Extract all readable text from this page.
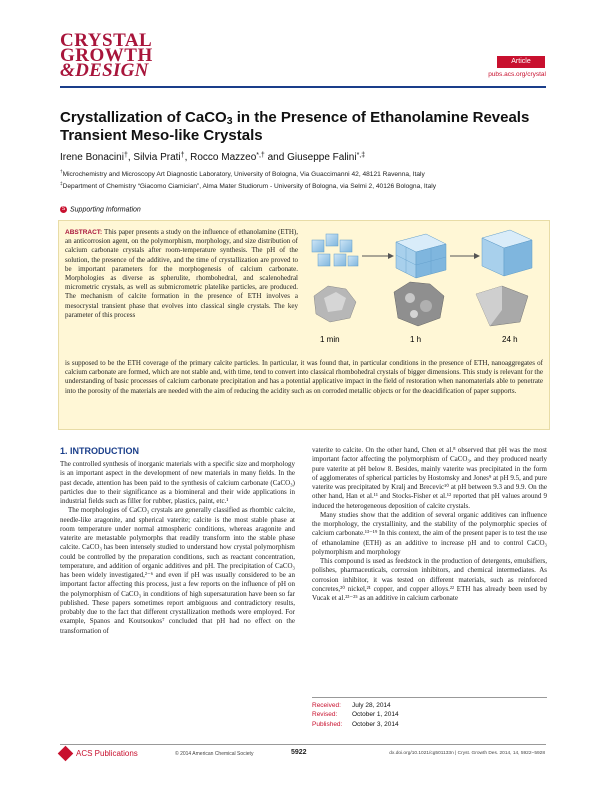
CRYSTAL
GROWTH
&DESIGN	Article
pubs.acs.org/crystal
Crystallization of CaCO$_3$ in the Presence of Ethanolamine Reveals Transient Meso-like Crystals
Irene Bonacini†, Silvia Prati†, Rocco Mazzeo*,† and Giuseppe Falini*,‡
†Microchemistry and Microscopy Art Diagnostic Laboratory, University of Bologna, Via Guaccimanni 42, 48121 Ravenna, Italy
‡Department of Chemistry “Giacomo Ciamician”, Alma Mater Studiorum - University of Bologna, via Selmi 2, 40126 Bologna, Italy
S Supporting Information
ABSTRACT: This paper presents a study on the influence of ethanolamine (ETH), an anticorrosion agent, on the polymorphism, morphology, and size distribution of calcium carbonate crystals after room-temperature synthesis. The pH of the solution, the presence of the additive, and the time of crystallization are proved to be important parameters for the morphogenesis of calcium carbonate. Morphologies as diverse as spherulite, rhombohedral, and scalenohedral micrometric crystals, as well as submicrometric platelike particles, are produced. The mechanism of calcite formation in the presence of ETH involves a mesocrystal transient phase that evolves into classical single crystals. The key parameter of this process
is supposed to be the ETH coverage of the primary calcite particles. In particular, it was found that, in particular conditions in the presence of ETH, nanoaggregates of calcium carbonate are formed, which are not stable and, with time, tend to convert into classical rhombohedral crystals of bigger dimensions. This study is relevant for the understanding of basic processes of calcium carbonate precipitation and has a potential applicative impact in the field of restoration when nanomaterials able to penetrate into the porosity of the materials are needed with the aim of reducing the acidity such as on corroded metallic objects or for the deacidification of paper supports.
1 min	1 h	24 h
1. INTRODUCTION

The controlled synthesis of inorganic materials with a specific size and morphology is an important aspect in the development of new materials in many fields. In the past decade, attention has been paid to the synthesis of calcium carbonate (CaCO₃) particles due to their significance as a biomineral and their wide applications in industrial fields such as filler for rubber, plastics, paint, etc.¹

The morphologies of CaCO₃ crystals are generally classified as rhombic calcite, needle-like aragonite, and spherical vaterite; calcite is the most stable phase at room temperature under normal atmospheric conditions, whereas aragonite and vaterite are metastable polymorphs that readily transform into the stable phase calcite. CaCO₃ has been intensely studied to understand how crystal polymorphism could be controlled by the preparation conditions, such as reactant concentration, temperature, and addition of organic additives and pH. The precipitation of CaCO₃ has been widely investigated,²⁻⁶ and even if pH was usually considered to be an important factor affecting this process, just a few reports on the influence of pH on the polymorphism of CaCO₃ in conditions of high supersaturation have been so far published. These papers sometimes report ambiguous and contradictory results, probably due to the fact that different crystallization methods were employed. For example, Spanos and Koutsoukos⁷ concluded that pH had no effect on the transformation of

vaterite to calcite. On the other hand, Chen et al.⁸ observed that pH was the most important factor affecting the polymorphism of CaCO₃, and they produced nearly pure vaterite at pH below 8. Besides, mainly vaterite was precipitated in the form of agglomerates of spherical particles by Hostomsky and Jones⁹ at pH 9.5, and pure vaterite was precipitated by Kralj and Brecevic¹⁰ at pH between 9.3 and 9.9. On the other hand, Han et al.¹¹ and Stocks-Fisher et al.¹² reported that pH values around 9 induced the heterogeneous deposition of calcite crystals.

Many studies show that the addition of several organic additives can influence the morphology, the crystallinity, and the stability of the polymorphic species of calcium carbonate.¹³⁻¹⁹ In this context, the aim of the present paper is to test the use of ethanolamine (ETH) as an additive to increase pH and to control CaCO₃ polymorphism and morphology

This compound is used as feedstock in the production of detergents, emulsifiers, polishes, pharmaceuticals, corrosion inhibitors, and chemical intermediates. As corrosion inhibitor, it was tested on different materials, such as reinforced concretes,²⁰ nickel,²¹ copper, and copper alloys.²² ETH has already been used by Vucak et al.²³⁻²⁵ as an additive in calcium carbonate

Received: July 28, 2014
Revised: October 1, 2014
Published: October 3, 2014
ACS Publications	© 2014 American Chemical Society	5922	dx.doi.org/10.1021/cg501133n | Cryst. Growth Des. 2014, 14, 5922−5928
